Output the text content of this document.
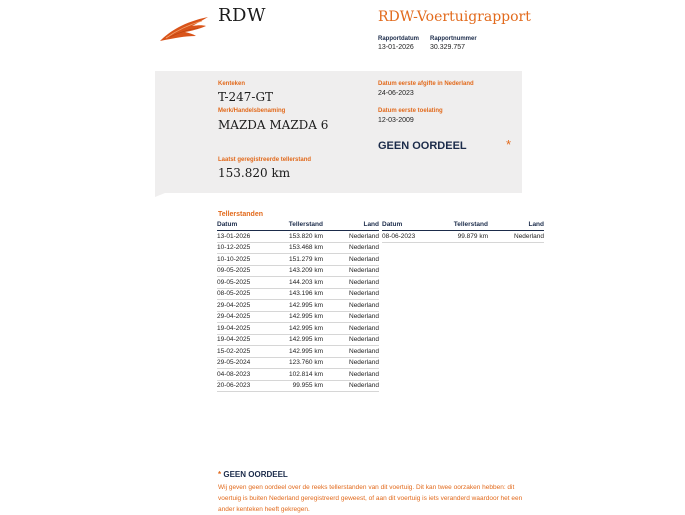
RDW	RDW-Voertuigrapport
Rapportdatum
13-01-2026
Rapportnummer
30.329.757
Kenteken
T-247-GT
Merk/Handelsbenaming
MAZDA MAZDA 6
Laatst geregistreerde tellerstand
153.820 km
Datum eerste afgifte in Nederland
24-06-2023
Datum eerste toelating
12-03-2009
GEEN OORDEEL	*
Tellerstanden
Datum	Tellerstand	Land
13-01-2026	153.820 km	Nederland
10-12-2025	153.468 km	Nederland
10-10-2025	151.279 km	Nederland
09-05-2025	143.209 km	Nederland
09-05-2025	144.203 km	Nederland
08-05-2025	143.196 km	Nederland
29-04-2025	142.995 km	Nederland
29-04-2025	142.995 km	Nederland
19-04-2025	142.995 km	Nederland
19-04-2025	142.995 km	Nederland
15-02-2025	142.995 km	Nederland
29-05-2024	123.760 km	Nederland
04-08-2023	102.814 km	Nederland
20-06-2023	99.955 km	Nederland
Datum	Tellerstand	Land
08-06-2023	99.879 km	Nederland
* GEEN OORDEEL
Wij geven geen oordeel over de reeks tellerstanden van dit voertuig. Dit kan twee oorzaken hebben: dit voertuig is buiten Nederland geregistreerd geweest, of aan dit voertuig is iets veranderd waardoor het een ander kenteken heeft gekregen.
